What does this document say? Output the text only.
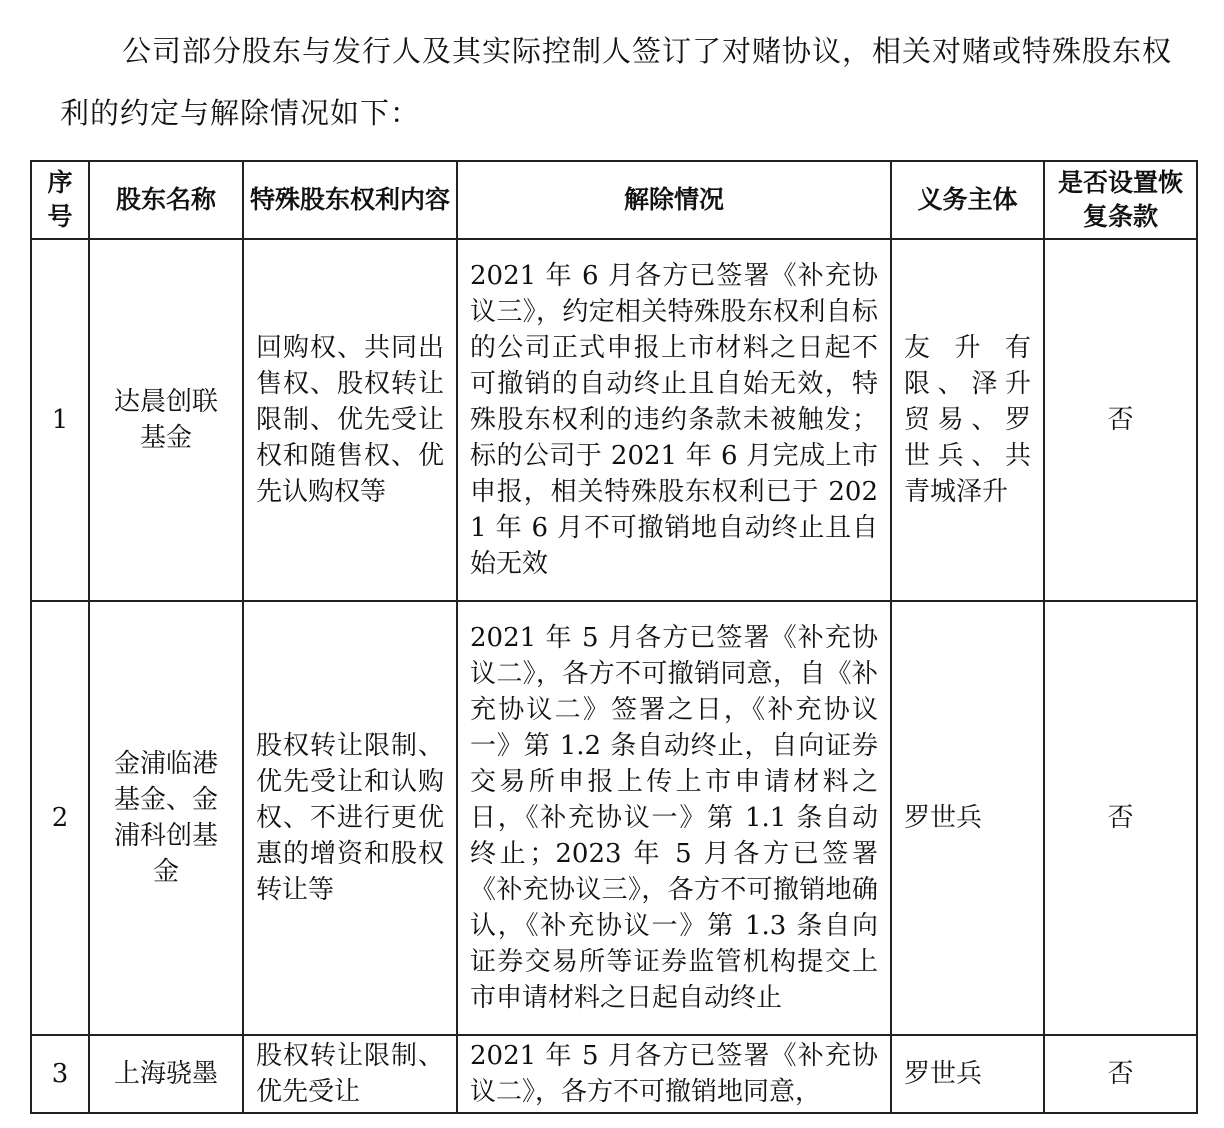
公司部分股东与发行人及其实际控制人签订了对赌协议，相关对赌或特殊股东权利的约定与解除情况如下：

序号	股东名称	特殊股东权利内容	解除情况	义务主体	是否设置恢复条款
1	达晨创联基金	回购权、共同出售权、股权转让限制、优先受让权和随售权、优先认购权等	2021 年 6 月各方已签署《补充协议三》，约定相关特殊股东权利自标的公司正式申报上市材料之日起不可撤销的自动终止且自始无效，特殊股东权利的违约条款未被触发；标的公司于 2021 年 6 月完成上市申报，相关特殊股东权利已于 2021 年 6 月不可撤销地自动终止且自始无效	友升有限、泽升贸易、罗世兵、共青城泽升	否
2	金浦临港基金、金浦科创基金	股权转让限制、优先受让和认购权、不进行更优惠的增资和股权转让等	2021 年 5 月各方已签署《补充协议二》，各方不可撤销同意，自《补充协议二》签署之日，《补充协议一》第 1.2 条自动终止，自向证券交易所申报上传上市申请材料之日，《补充协议一》第 1.1 条自动终止；2023 年 5 月各方已签署《补充协议三》，各方不可撤销地确认，《补充协议一》第 1.3 条自向证券交易所等证券监管机构提交上市申请材料之日起自动终止	罗世兵	否
3	上海骁墨	股权转让限制、优先受让	2021 年 5 月各方已签署《补充协议二》，各方不可撤销地同意，	罗世兵	否
